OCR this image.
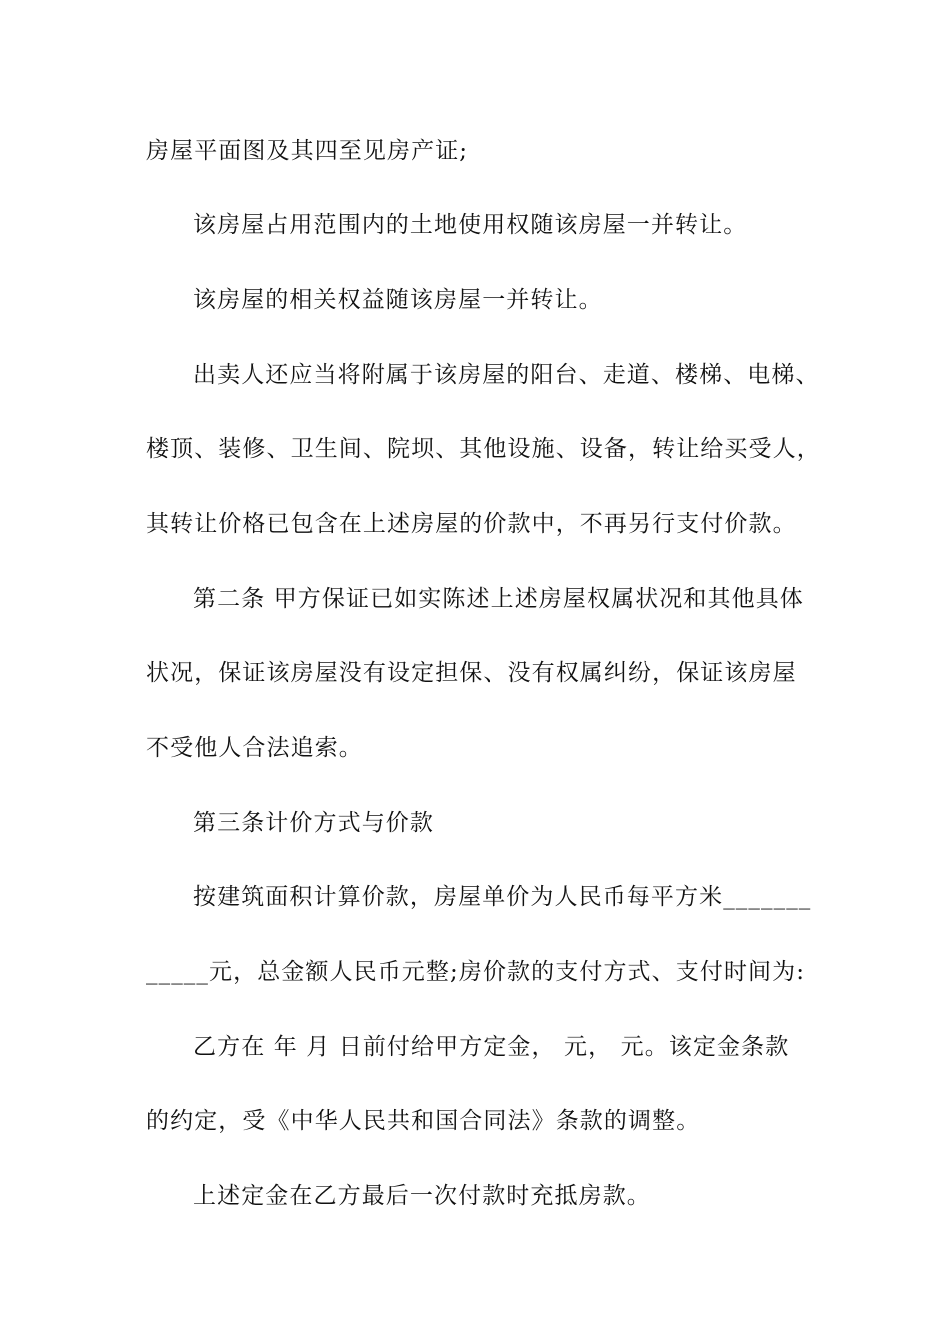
房屋平面图及其四至见房产证;
该房屋占用范围内的土地使用权随该房屋一并转让。
该房屋的相关权益随该房屋一并转让。
出卖人还应当将附属于该房屋的阳台、走道、楼梯、电梯、
楼顶、装修、卫生间、院坝、其他设施、设备，转让给买受人，
其转让价格已包含在上述房屋的价款中，不再另行支付价款。
第二条 甲方保证已如实陈述上述房屋权属状况和其他具体
状况，保证该房屋没有设定担保、没有权属纠纷，保证该房屋
不受他人合法追索。
第三条计价方式与价款
按建筑面积计算价款，房屋单价为人民币每平方米_______
_____元，总金额人民币元整;房价款的支付方式、支付时间为:
乙方在 年 月 日前付给甲方定金， 元， 元。该定金条款
的约定，受《中华人民共和国合同法》条款的调整。
上述定金在乙方最后一次付款时充抵房款。
